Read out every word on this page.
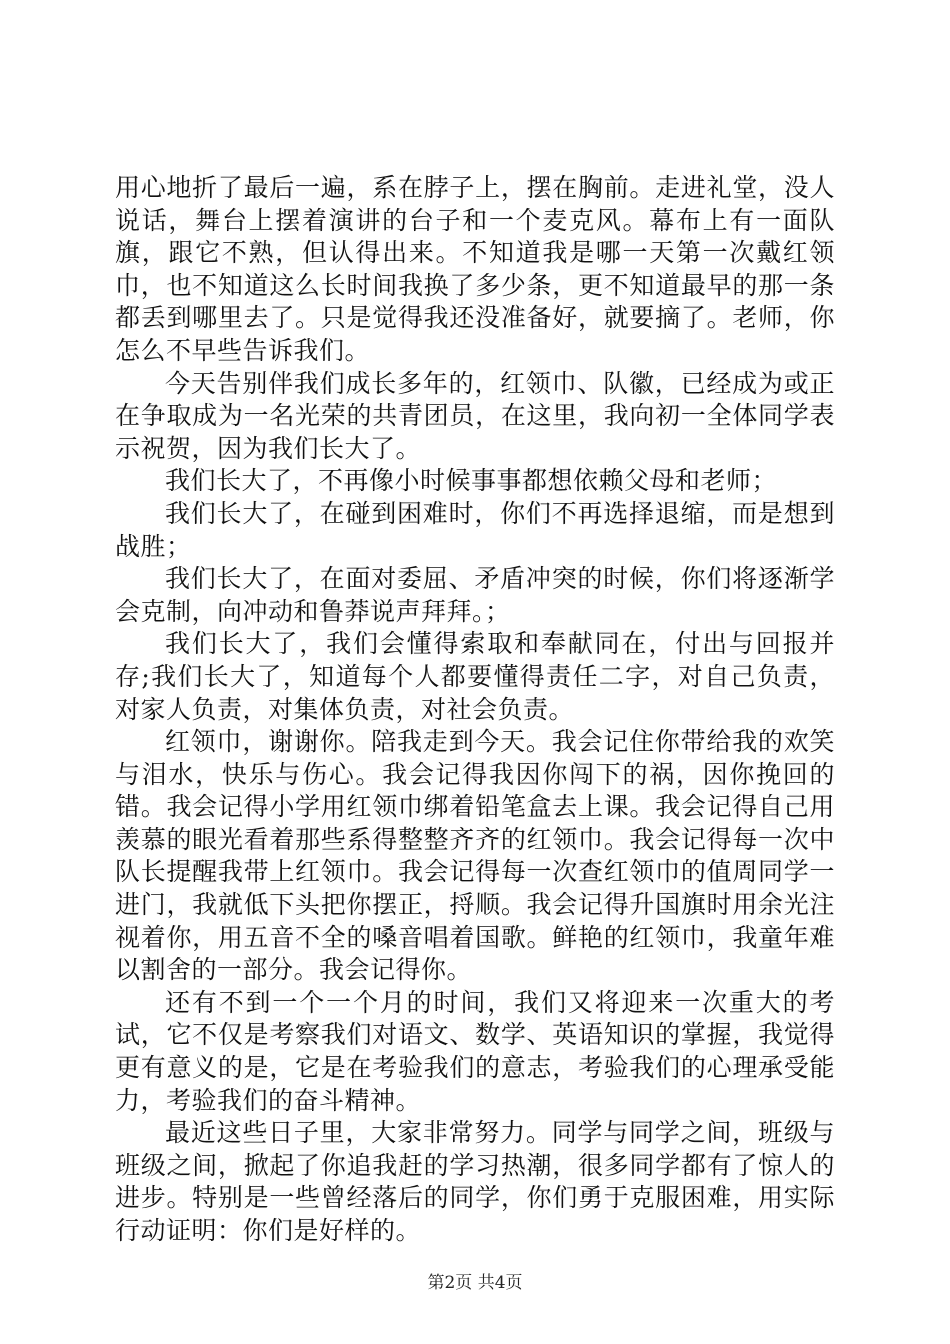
用心地折了最后一遍，系在脖子上，摆在胸前。走进礼堂，没人说话，舞台上摆着演讲的台子和一个麦克风。幕布上有一面队旗，跟它不熟，但认得出来。不知道我是哪一天第一次戴红领巾，也不知道这么长时间我换了多少条，更不知道最早的那一条都丢到哪里去了。只是觉得我还没准备好，就要摘了。老师，你怎么不早些告诉我们。

今天告别伴我们成长多年的，红领巾、队徽，已经成为或正在争取成为一名光荣的共青团员，在这里，我向初一全体同学表示祝贺，因为我们长大了。

我们长大了，不再像小时候事事都想依赖父母和老师；

我们长大了，在碰到困难时，你们不再选择退缩，而是想到战胜；

我们长大了，在面对委屈、矛盾冲突的时候，你们将逐渐学会克制，向冲动和鲁莽说声拜拜。；

我们长大了，我们会懂得索取和奉献同在，付出与回报并存;我们长大了，知道每个人都要懂得责任二字，对自己负责，对家人负责，对集体负责，对社会负责。

红领巾，谢谢你。陪我走到今天。我会记住你带给我的欢笑与泪水，快乐与伤心。我会记得我因你闯下的祸，因你挽回的错。我会记得小学用红领巾绑着铅笔盒去上课。我会记得自己用羡慕的眼光看着那些系得整整齐齐的红领巾。我会记得每一次中队长提醒我带上红领巾。我会记得每一次查红领巾的值周同学一进门，我就低下头把你摆正，捋顺。我会记得升国旗时用余光注视着你，用五音不全的嗓音唱着国歌。鲜艳的红领巾，我童年难以割舍的一部分。我会记得你。

还有不到一个一个月的时间，我们又将迎来一次重大的考试，它不仅是考察我们对语文、数学、英语知识的掌握，我觉得更有意义的是，它是在考验我们的意志，考验我们的心理承受能力，考验我们的奋斗精神。

最近这些日子里，大家非常努力。同学与同学之间，班级与班级之间，掀起了你追我赶的学习热潮，很多同学都有了惊人的进步。特别是一些曾经落后的同学，你们勇于克服困难，用实际行动证明：你们是好样的。

第2页 共4页
